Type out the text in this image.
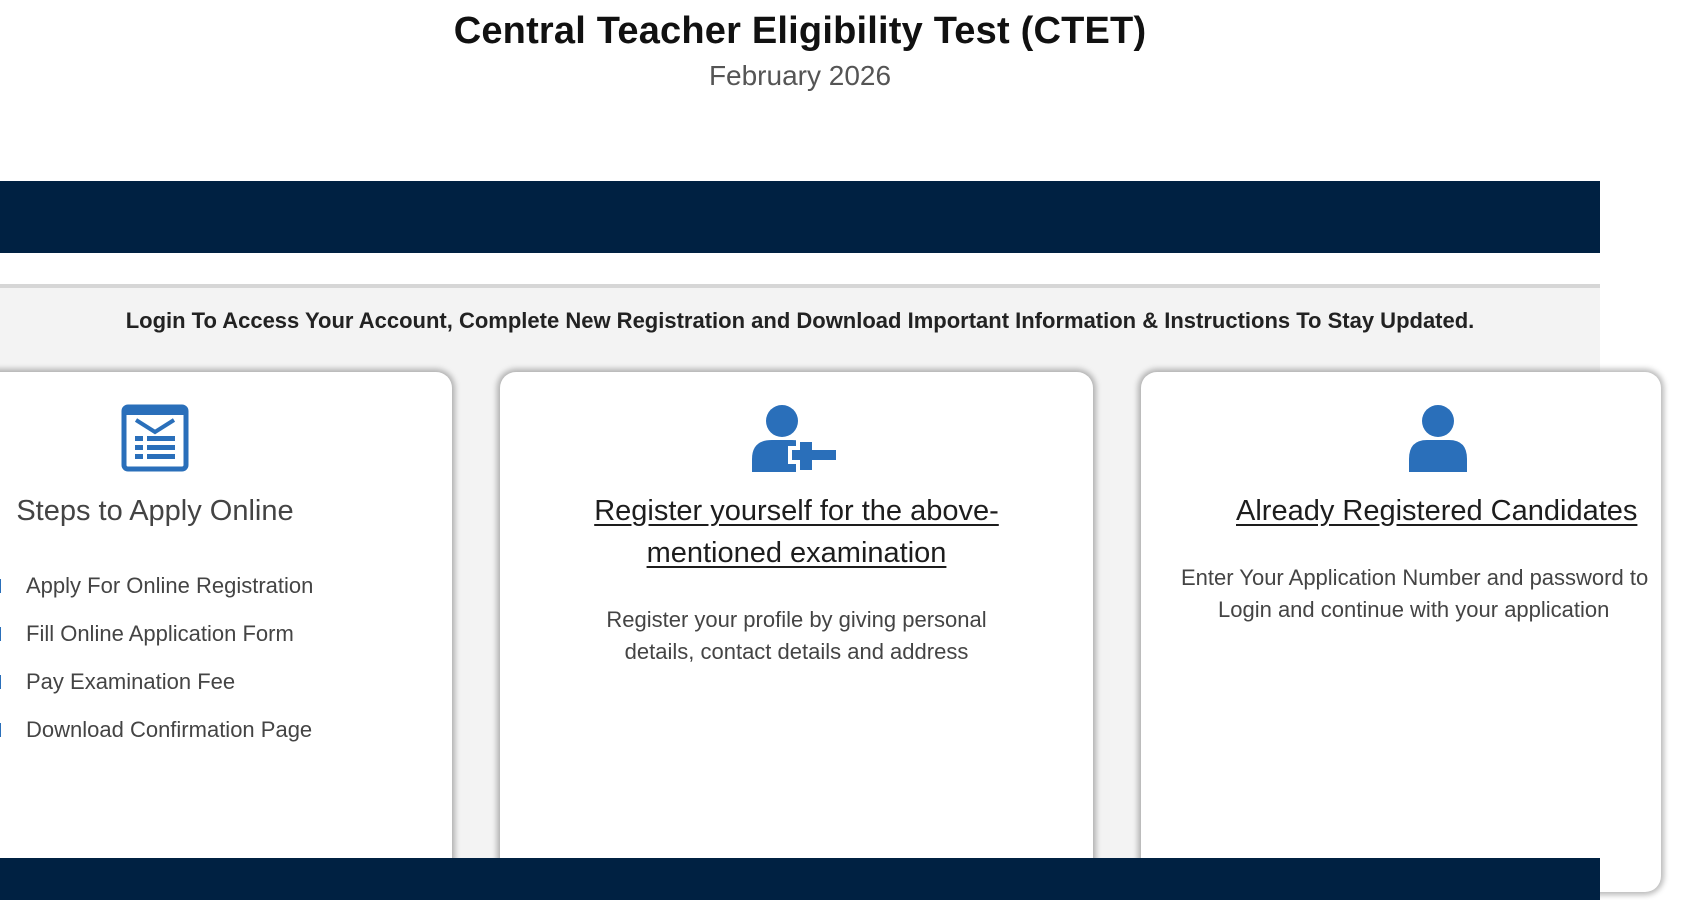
Central Teacher Eligibility Test (CTET)
February 2026
Login To Access Your Account, Complete New Registration and Download Important Information & Instructions To Stay Updated.
Steps to Apply Online
Apply For Online Registration
Fill Online Application Form
Pay Examination Fee
Download Confirmation Page
Register yourself for the above-
mentioned examination
Register your profile by giving personal
details, contact details and address
Already Registered Candidates
Enter Your Application Number and password to
Login and continue with your application
